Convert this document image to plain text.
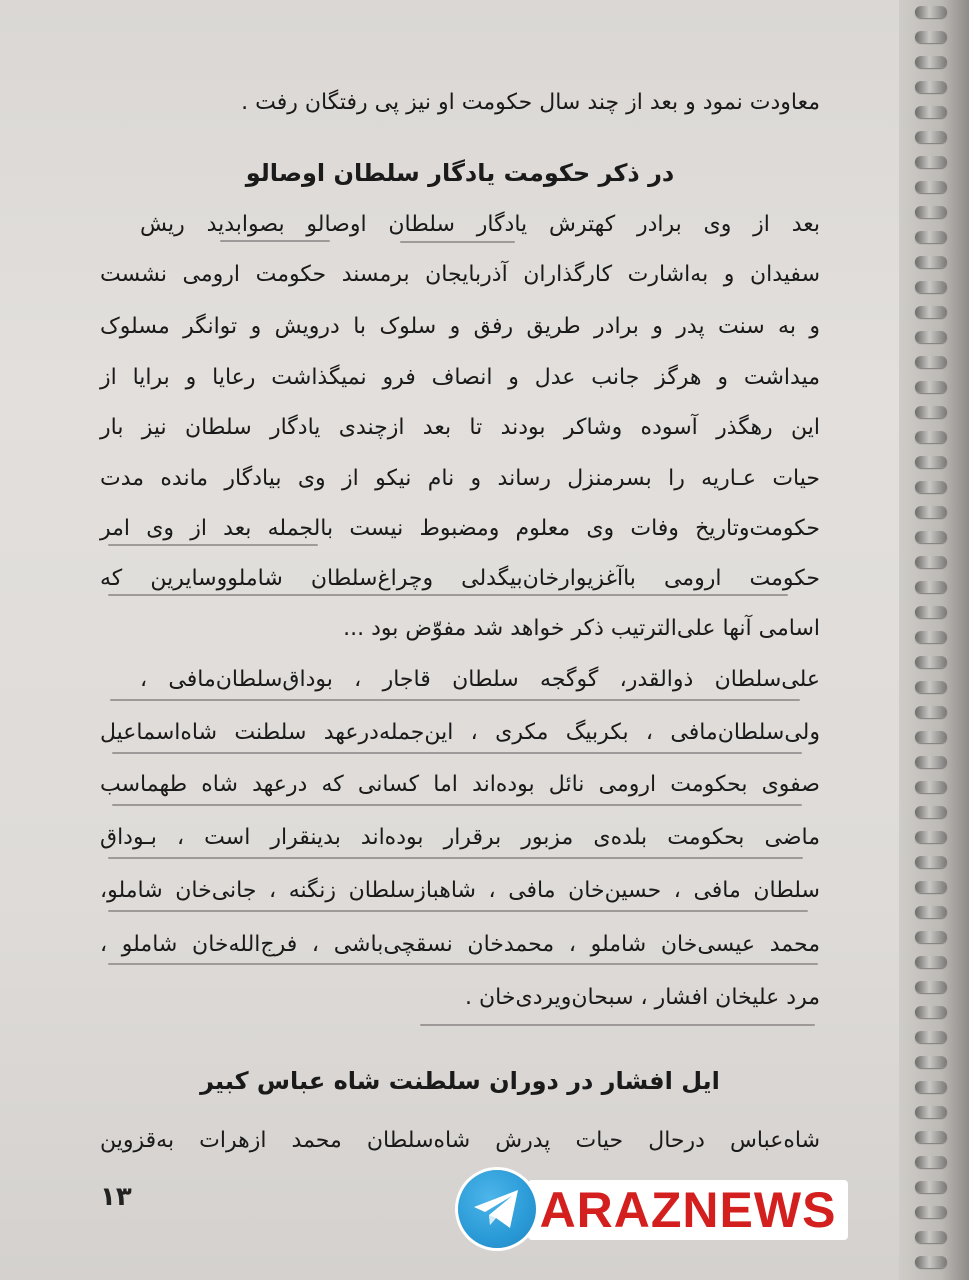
معاودت نمود و بعد از چند سال حکومت او نیز پی رفتگان رفت .
در ذکر حکومت یادگار سلطان اوصالو
بعد از وی برادر کهترش یادگار سلطان اوصالو بصوابدید ریش
سفیدان و به‌اشارت کارگذاران آذربایجان برمسند حکومت ارومی نشست
و به سنت پدر و برادر طریق رفق و سلوک با درویش و توانگر مسلوک
میداشت و هرگز جانب عدل و انصاف فرو نمیگذاشت رعایا و برایا از
این رهگذر آسوده وشاکر بودند تا بعد ازچندی یادگار سلطان نیز بار
حیات عـاریه را بسرمنزل رساند و نام نیکو از وی بیادگار مانده مدت
حکومت‌وتاریخ وفات وی معلوم ومضبوط نیست بالجمله بعد از وی امر
حکومت ارومی باآغزیوارخان‌بیگدلی وچراغ‌سلطان شاملووسایرین که
اسامی آنها علی‌الترتیب ذکر خواهد شد مفوّض بود ...
علی‌سلطان ذوالقدر، گوگجه سلطان قاجار ، بوداق‌سلطان‌مافی ،
ولی‌سلطان‌مافی ، بکربیگ مکری ، این‌جمله‌درعهد سلطنت شاه‌اسماعیل
صفوی بحکومت ارومی نائل بوده‌اند اما کسانی که درعهد شاه طهماسب
ماضی بحکومت بلده‌ی مزبور برقرار بوده‌اند بدینقرار است ، بـوداق
سلطان مافی ، حسین‌خان مافی ، شاهبازسلطان زنگنه ، جانی‌خان شاملو،
محمد عیسی‌خان شاملو ، محمدخان نسقچی‌باشی ، فرج‌الله‌خان شاملو ،
مرد علیخان افشار ، سبحان‌ویردی‌خان .
ایل افشار در دوران سلطنت شاه عباس کبیر
شاه‌عباس درحال حیات پدرش شاه‌سلطان محمد ازهرات به‌قزوین
۱۳	ARAZNEWS
